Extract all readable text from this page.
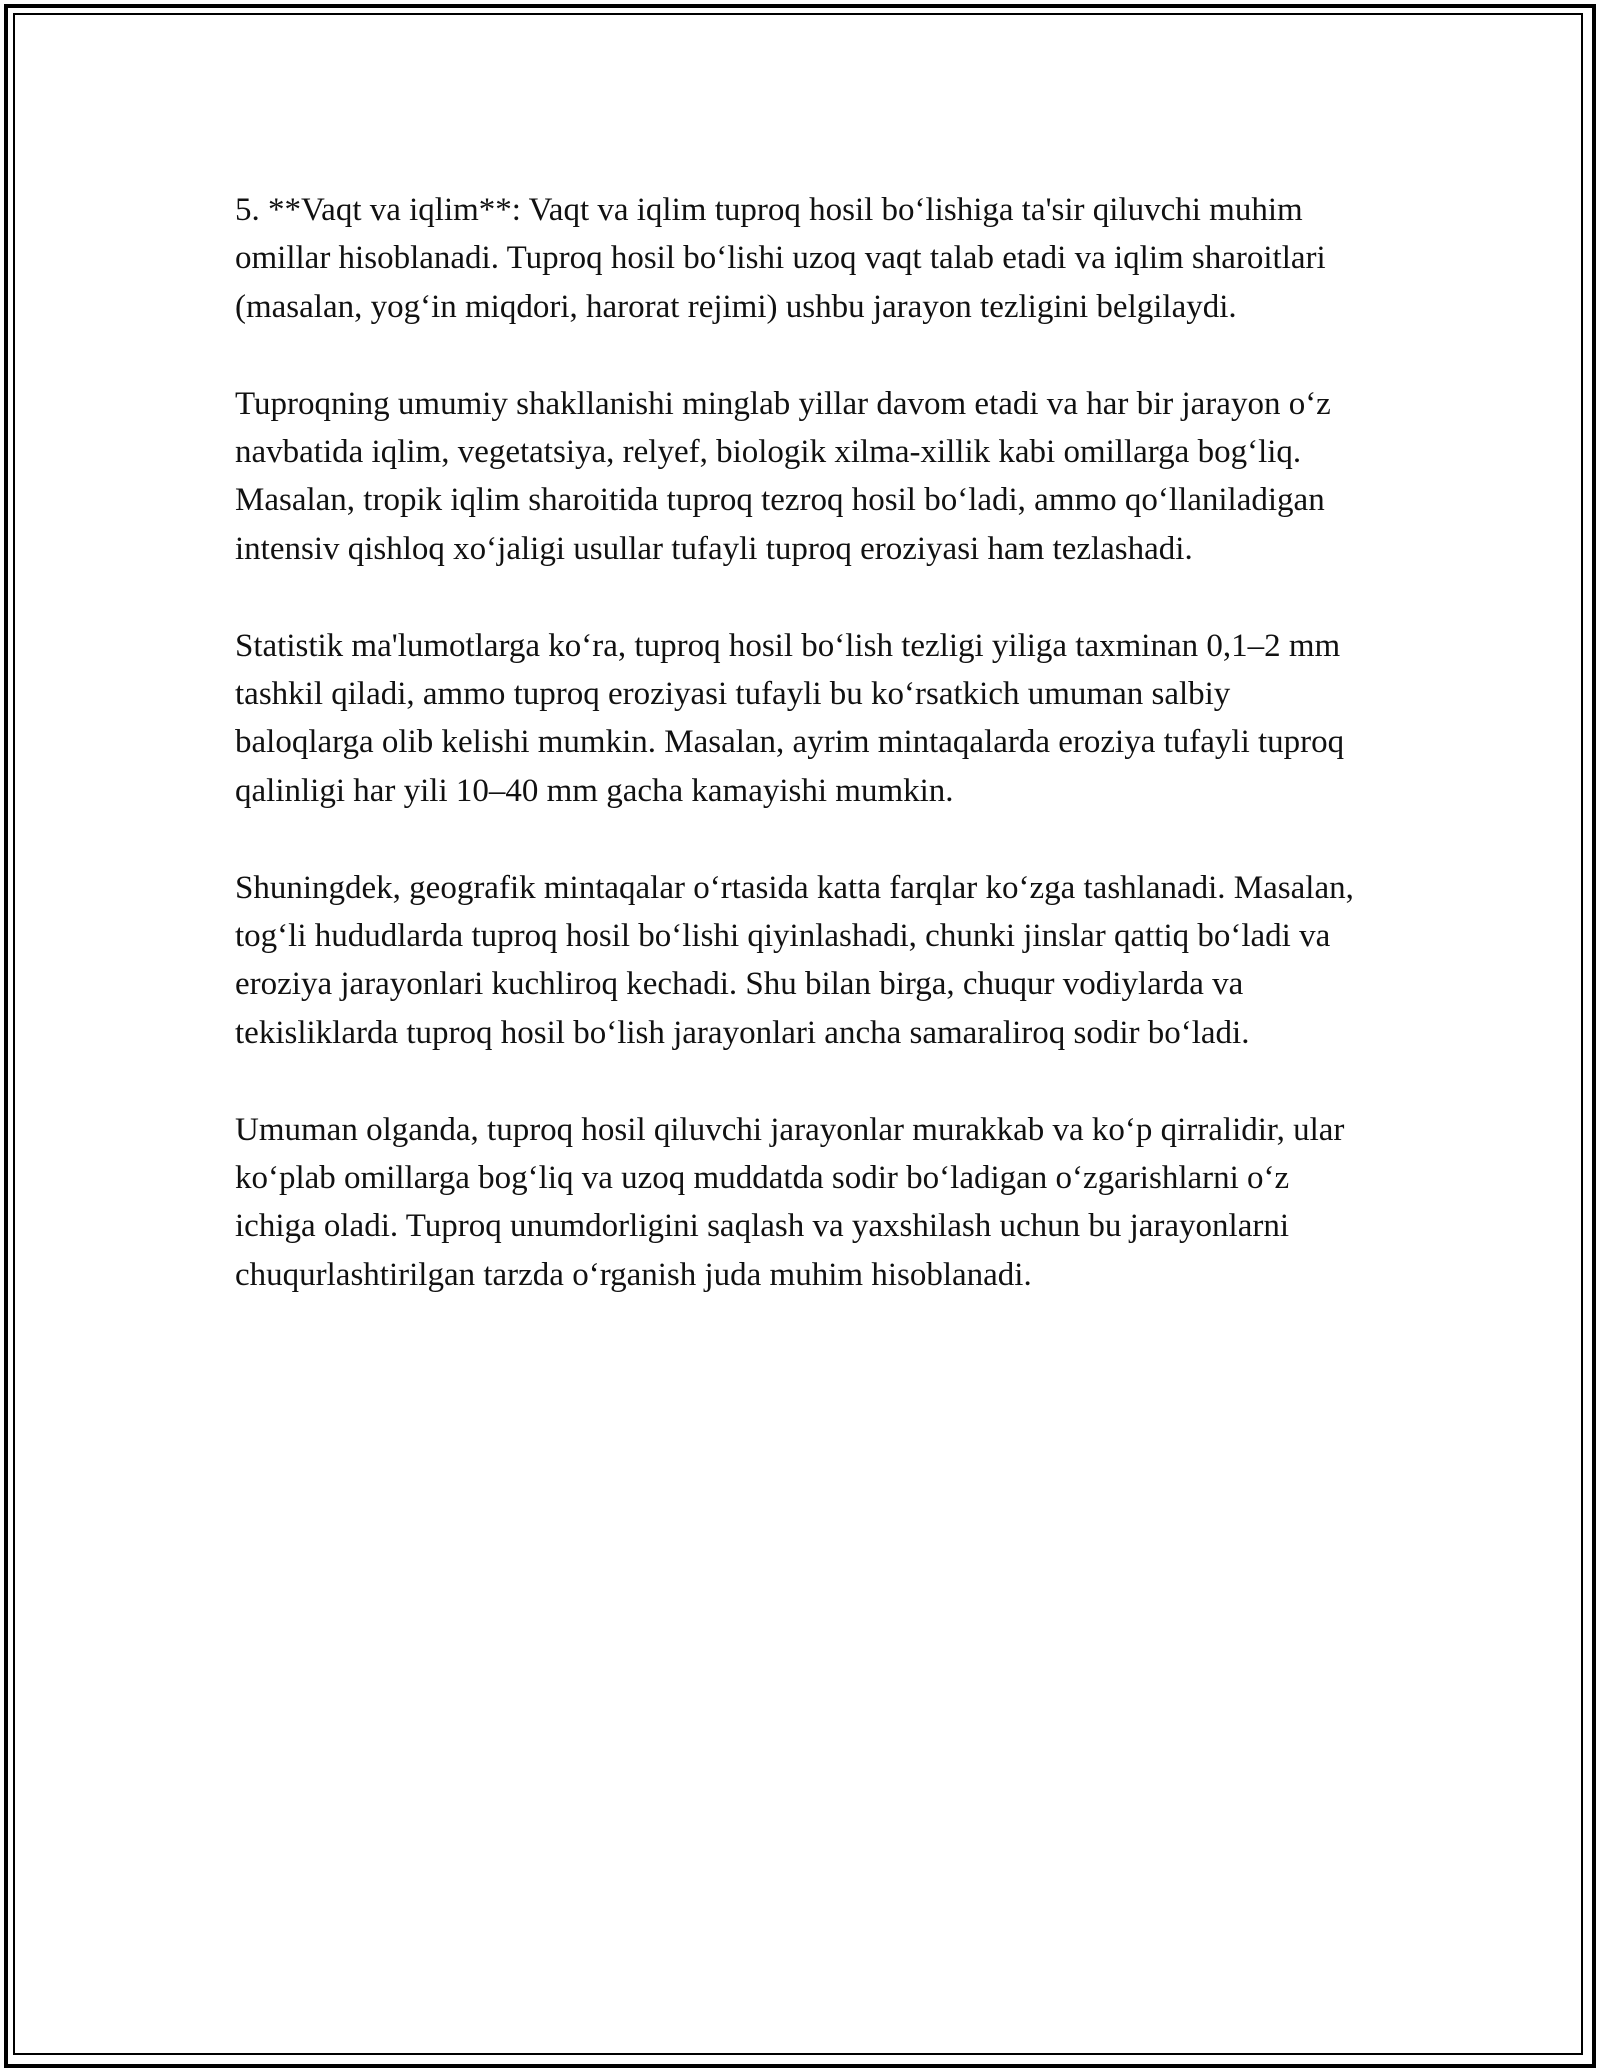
5. **Vaqt va iqlim**: Vaqt va iqlim tuproq hosil bo‘lishiga ta'sir qiluvchi muhim omillar hisoblanadi. Tuproq hosil bo‘lishi uzoq vaqt talab etadi va iqlim sharoitlari (masalan, yog‘in miqdori, harorat rejimi) ushbu jarayon tezligini belgilaydi.

Tuproqning umumiy shakllanishi minglab yillar davom etadi va har bir jarayon o‘z navbatida iqlim, vegetatsiya, relyef, biologik xilma-xillik kabi omillarga bog‘liq. Masalan, tropik iqlim sharoitida tuproq tezroq hosil bo‘ladi, ammo qo‘llaniladigan intensiv qishloq xo‘jaligi usullar tufayli tuproq eroziyasi ham tezlashadi.

Statistik ma'lumotlarga ko‘ra, tuproq hosil bo‘lish tezligi yiliga taxminan 0,1–2 mm tashkil qiladi, ammo tuproq eroziyasi tufayli bu ko‘rsatkich umuman salbiy baloqlarga olib kelishi mumkin. Masalan, ayrim mintaqalarda eroziya tufayli tuproq qalinligi har yili 10–40 mm gacha kamayishi mumkin.

Shuningdek, geografik mintaqalar o‘rtasida katta farqlar ko‘zga tashlanadi. Masalan, tog‘li hududlarda tuproq hosil bo‘lishi qiyinlashadi, chunki jinslar qattiq bo‘ladi va eroziya jarayonlari kuchliroq kechadi. Shu bilan birga, chuqur vodiylarda va tekisliklarda tuproq hosil bo‘lish jarayonlari ancha samaraliroq sodir bo‘ladi.

Umuman olganda, tuproq hosil qiluvchi jarayonlar murakkab va ko‘p qirralidir, ular ko‘plab omillarga bog‘liq va uzoq muddatda sodir bo‘ladigan o‘zgarishlarni o‘z ichiga oladi. Tuproq unumdorligini saqlash va yaxshilash uchun bu jarayonlarni chuqurlashtirilgan tarzda o‘rganish juda muhim hisoblanadi.
